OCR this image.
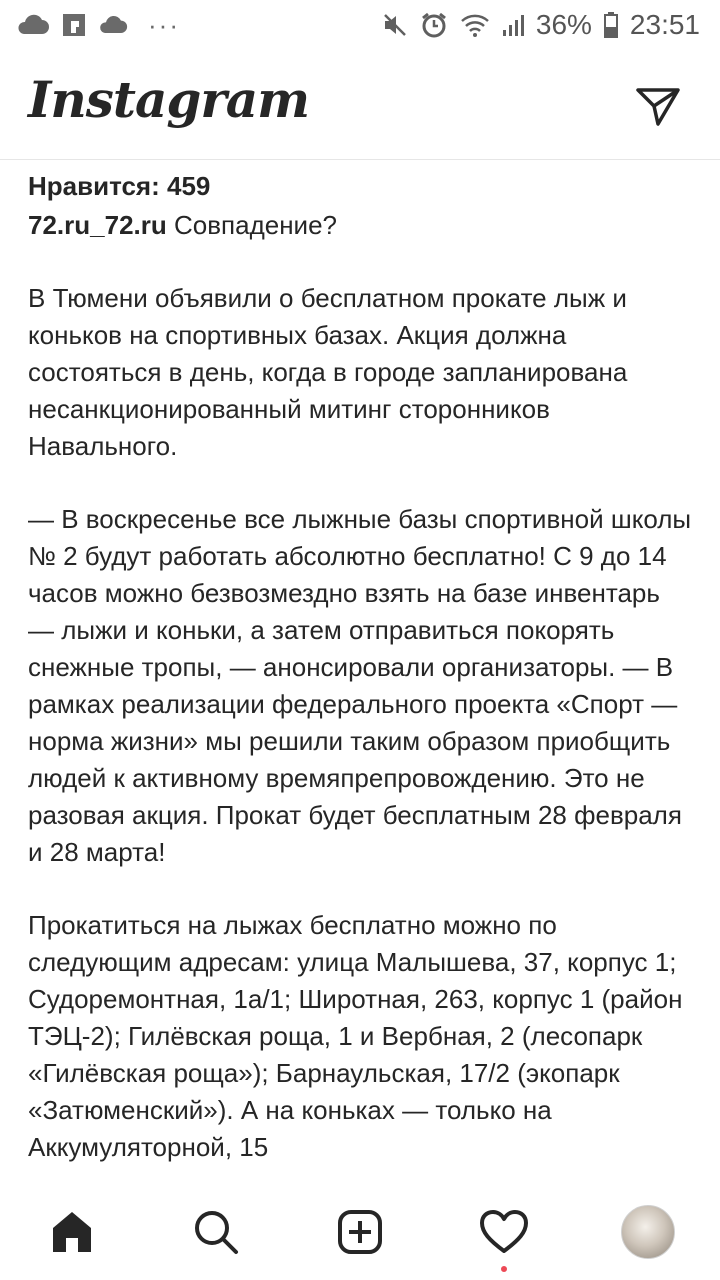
···	36% 23:51
Instagram
Нравится: 459
72.ru_72.ru Совпадение?

В Тюмени объявили о бесплатном прокате лыж и коньков на спортивных базах. Акция должна состояться в день, когда в городе запланирована несанкционированный митинг сторонников Навального.

— В воскресенье все лыжные базы спортивной школы № 2 будут работать абсолютно бесплатно! С 9 до 14 часов можно безвозмездно взять на базе инвентарь — лыжи и коньки, а затем отправиться покорять снежные тропы, — анонсировали организаторы. — В рамках реализации федерального проекта «Спорт — норма жизни» мы решили таким образом приобщить людей к активному времяпрепровождению. Это не разовая акция. Прокат будет бесплатным 28 февраля и 28 марта!

Прокатиться на лыжах бесплатно можно по следующим адресам: улица Малышева, 37, корпус 1; Судоремонтная, 1а/1; Широтная, 263, корпус 1 (район ТЭЦ-2); Гилёвская роща, 1 и Вербная, 2 (лесопарк «Гилёвская роща»); Барнаульская, 17/2 (экопарк «Затюменский»). А на коньках — только на Аккумуляторной, 15
